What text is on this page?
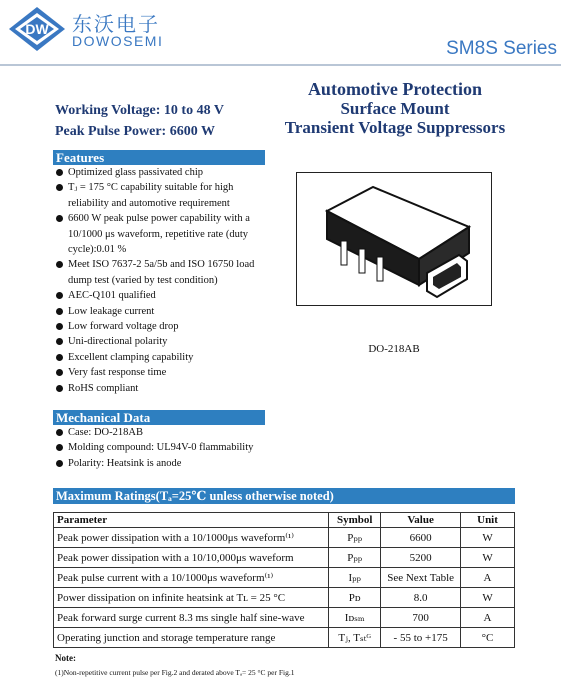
DW 东沃电子
DOWOSEMI	SM8S Series
Automotive Protection
Surface Mount
Transient Voltage Suppressors
Working Voltage: 10 to 48 V
Peak Pulse Power: 6600 W
Features
Optimized glass passivated chip
Tⱼ = 175 °C capability suitable for high
reliability and automotive requirement
6600 W peak pulse power capability with a
10/1000 μs waveform, repetitive rate (duty
cycle):0.01 %
Meet ISO 7637-2 5a/5b and ISO 16750 load
dump test (varied by test condition)
AEC-Q101 qualified
Low leakage current
Low forward voltage drop
Uni-directional polarity
Excellent clamping capability
Very fast response time
RoHS compliant
Mechanical Data
Case: DO-218AB
Molding compound: UL94V-0 flammability
Polarity: Heatsink is anode
DO-218AB
Maximum Ratings(Tₐ=25℃ unless otherwise noted)
Parameter	Symbol	Value	Unit
Peak power dissipation with a 10/1000μs waveform⁽¹⁾	Pₚₚ	6600	W
Peak power dissipation with a 10/10,000μs waveform	Pₚₚ	5200	W
Peak pulse current with a 10/1000μs waveform⁽¹⁾	Iₚₚ	See Next Table	A
Power dissipation on infinite heatsink at Tʟ = 25 °C	Pᴅ	8.0	W
Peak forward surge current 8.3 ms single half sine-wave	Iᴅₛₘ	700	A
Operating junction and storage temperature range	Tⱼ, Tₛₜᴳ	- 55 to +175	°C
Note:
(1)Non-repetitive current pulse per Fig.2 and derated above Tₐ= 25 °C per Fig.1
